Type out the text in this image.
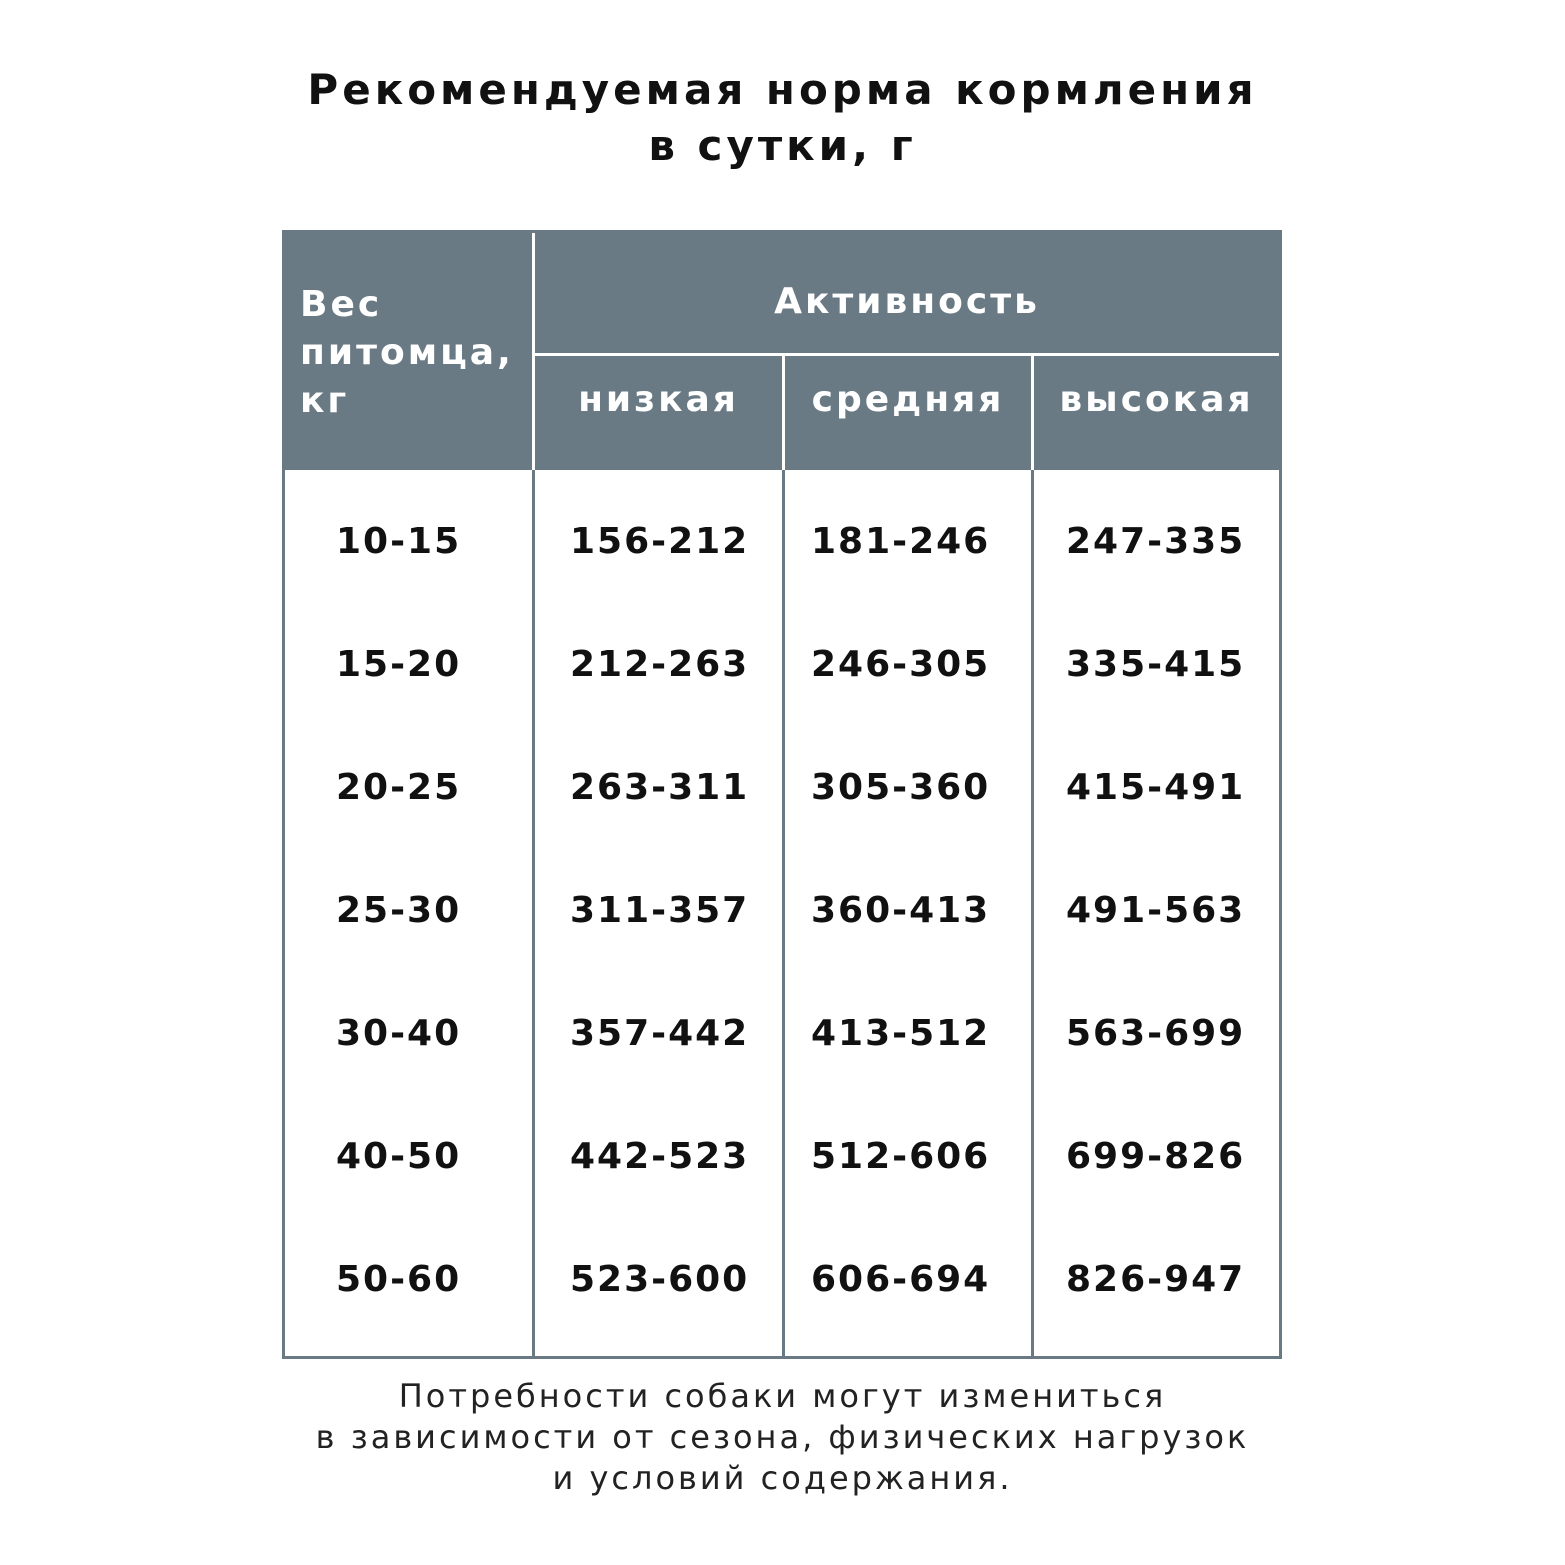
Рекомендуемая норма кормления
в сутки, г
Вес
питомца,
кг
Активность
низкая	средняя	высокая
10-15	156-212 181-246 247-335
15-20	212-263 246-305 335-415
20-25	263-311 305-360 415-491
25-30	311-357 360-413 491-563
30-40	357-442 413-512 563-699
40-50	442-523 512-606 699-826
50-60	523-600 606-694 826-947
Потребности собаки могут измениться
в зависимости от сезона, физических нагрузок
и условий содержания.
